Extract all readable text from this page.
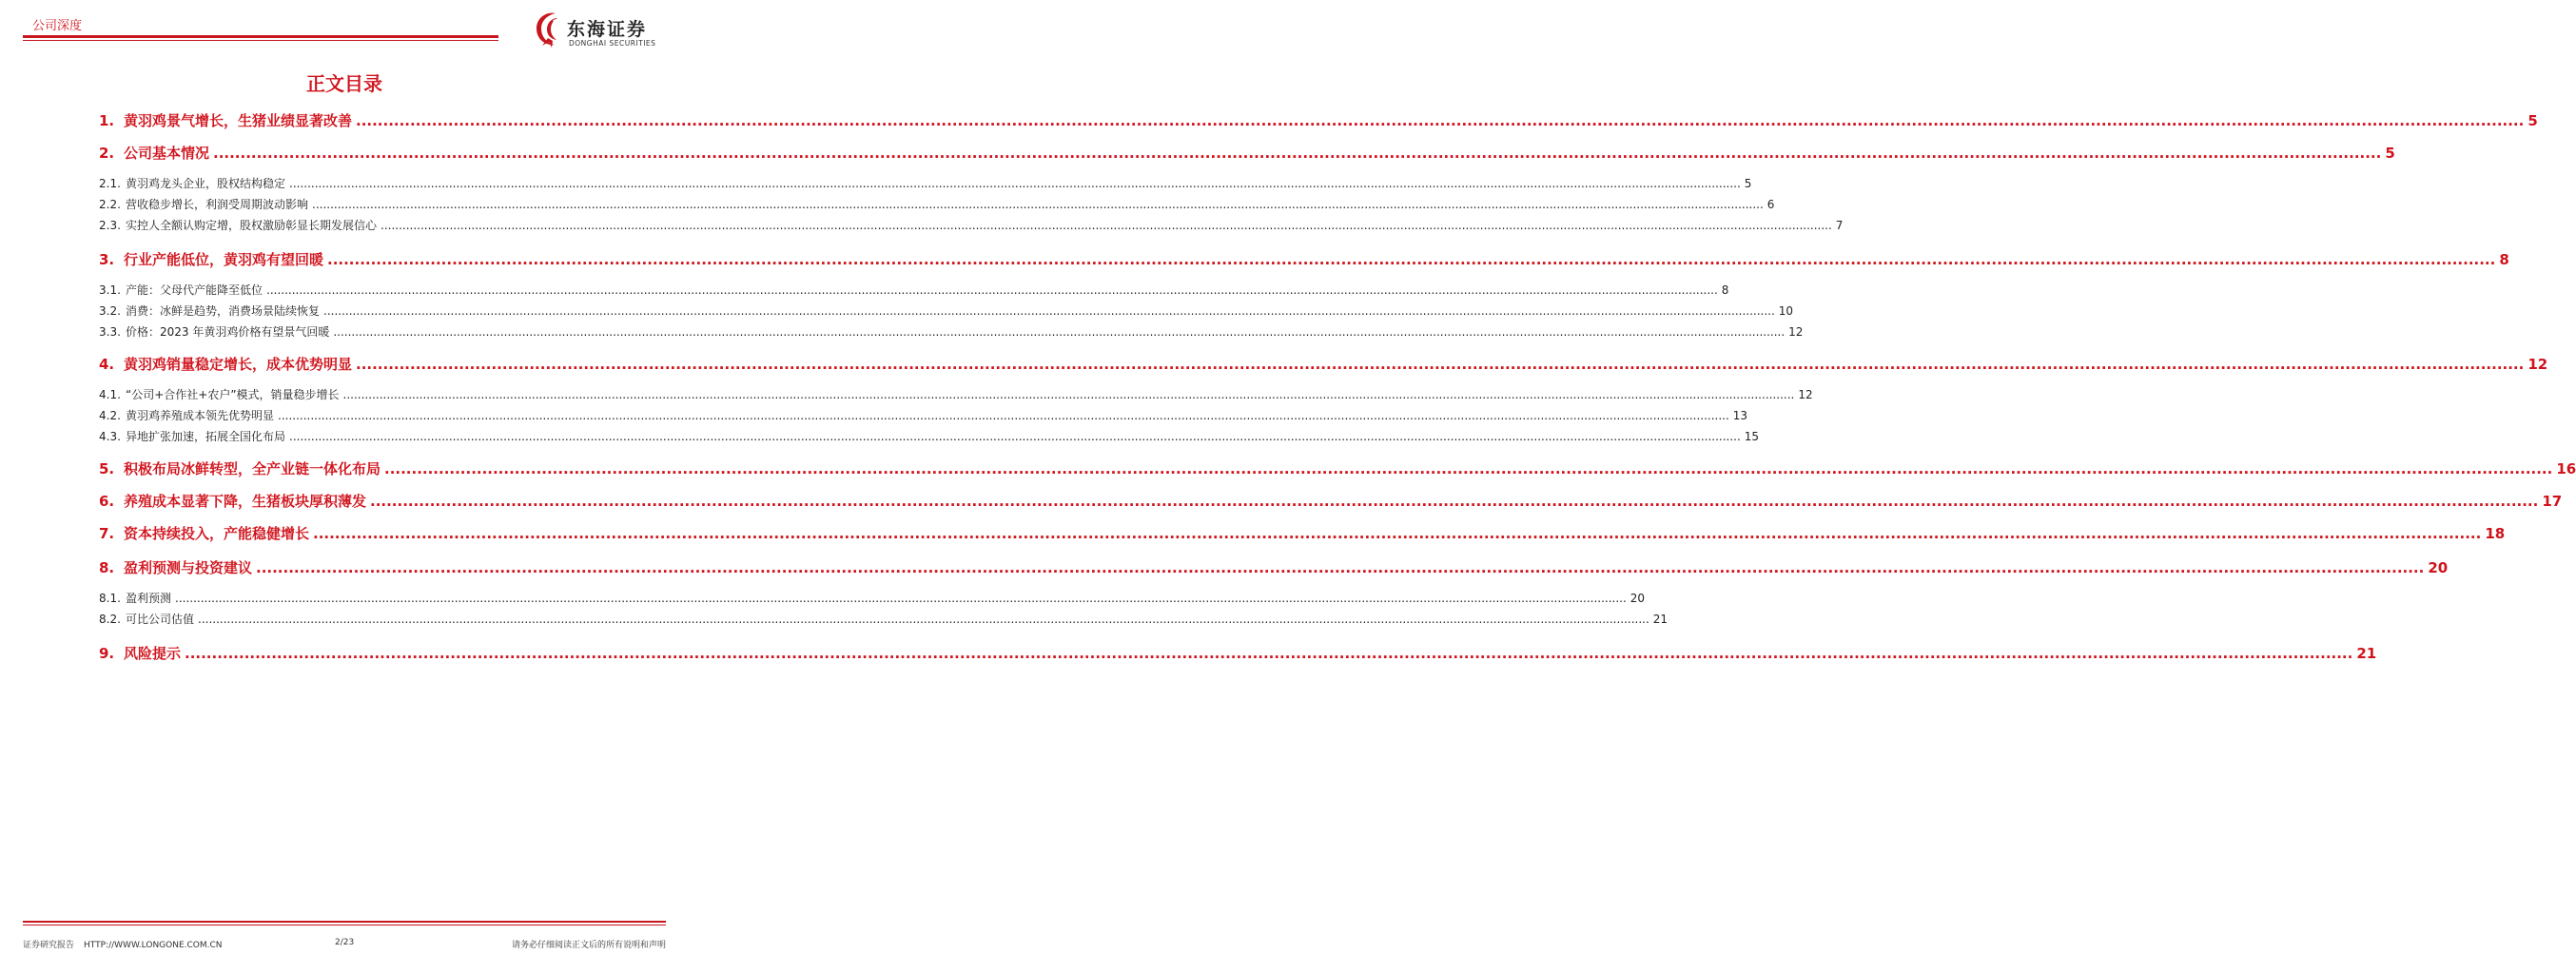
公司深度	东海证券
DONGHAI SECURITIES
正文目录
1. 黄羽鸡景气增长，生猪业绩显著改善 ................................................................................................................................................................................................................................................................................................................................................................................................................ 5
2. 公司基本情况 ................................................................................................................................................................................................................................................................................................................................................................................................................ 5
2.1. 黄羽鸡龙头企业，股权结构稳定 ................................................................................................................................................................................................................................................................................................................................................................................................................ 5
2.2. 营收稳步增长，利润受周期波动影响 ................................................................................................................................................................................................................................................................................................................................................................................................................ 6
2.3. 实控人全额认购定增，股权激励彰显长期发展信心 ................................................................................................................................................................................................................................................................................................................................................................................................................ 7
3. 行业产能低位，黄羽鸡有望回暖 ................................................................................................................................................................................................................................................................................................................................................................................................................ 8
3.1. 产能：父母代产能降至低位 ................................................................................................................................................................................................................................................................................................................................................................................................................ 8
3.2. 消费：冰鲜是趋势，消费场景陆续恢复 ................................................................................................................................................................................................................................................................................................................................................................................................................ 10
3.3. 价格：2023 年黄羽鸡价格有望景气回暖 ................................................................................................................................................................................................................................................................................................................................................................................................................ 12
4. 黄羽鸡销量稳定增长，成本优势明显 ................................................................................................................................................................................................................................................................................................................................................................................................................ 12
4.1. “公司+合作社+农户”模式，销量稳步增长 ................................................................................................................................................................................................................................................................................................................................................................................................................ 12
4.2. 黄羽鸡养殖成本领先优势明显 ................................................................................................................................................................................................................................................................................................................................................................................................................ 13
4.3. 异地扩张加速，拓展全国化布局 ................................................................................................................................................................................................................................................................................................................................................................................................................ 15
5. 积极布局冰鲜转型，全产业链一体化布局 ................................................................................................................................................................................................................................................................................................................................................................................................................ 16
6. 养殖成本显著下降，生猪板块厚积薄发 ................................................................................................................................................................................................................................................................................................................................................................................................................ 17
7. 资本持续投入，产能稳健增长 ................................................................................................................................................................................................................................................................................................................................................................................................................ 18
8. 盈利预测与投资建议 ................................................................................................................................................................................................................................................................................................................................................................................................................ 20
8.1. 盈利预测 ................................................................................................................................................................................................................................................................................................................................................................................................................ 20
8.2. 可比公司估值 ................................................................................................................................................................................................................................................................................................................................................................................................................ 21
9. 风险提示 ................................................................................................................................................................................................................................................................................................................................................................................................................ 21
证券研究报告 HTTP://WWW.LONGONE.COM.CN	2/23	请务必仔细阅读正文后的所有说明和声明
